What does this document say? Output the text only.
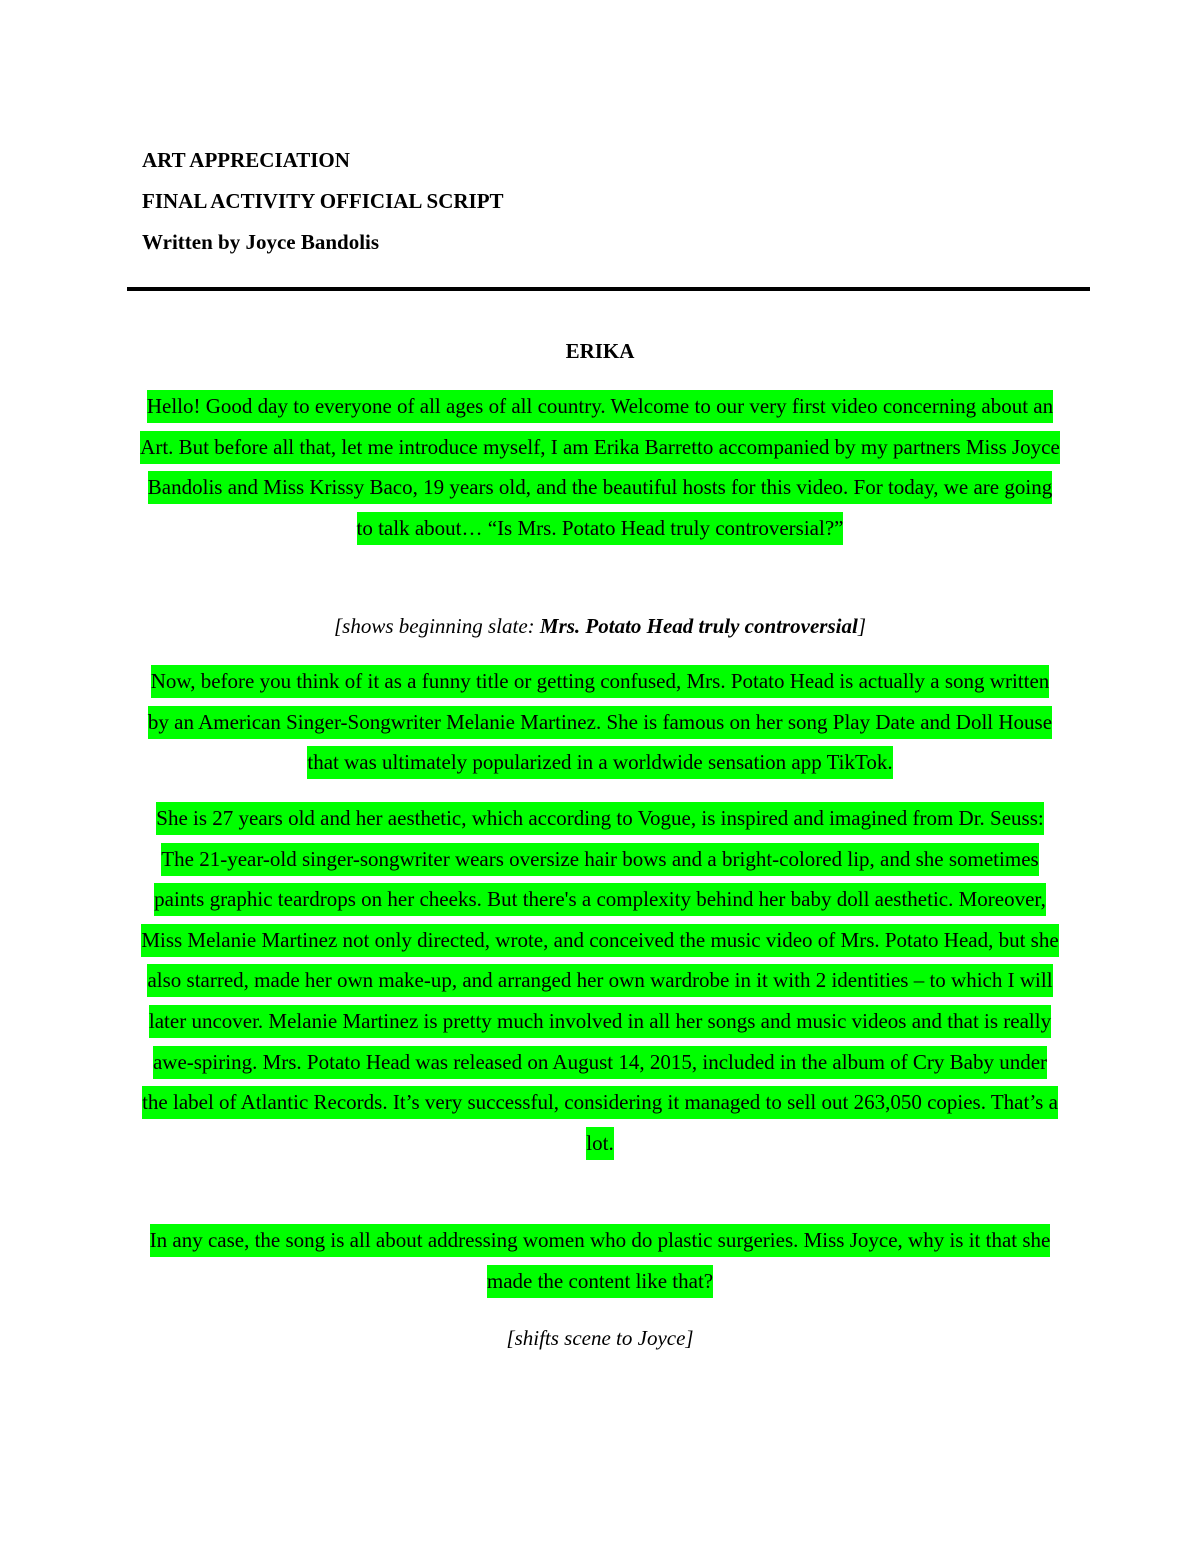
ART APPRECIATION
FINAL ACTIVITY OFFICIAL SCRIPT
Written by Joyce Bandolis
ERIKA
Hello! Good day to everyone of all ages of all country. Welcome to our very first video concerning about an Art. But before all that, let me introduce myself, I am Erika Barretto accompanied by my partners Miss Joyce Bandolis and Miss Krissy Baco, 19 years old, and the beautiful hosts for this video. For today, we are going to talk about… “Is Mrs. Potato Head truly controversial?”
[shows beginning slate: Mrs. Potato Head truly controversial]
Now, before you think of it as a funny title or getting confused, Mrs. Potato Head is actually a song written by an American Singer-Songwriter Melanie Martinez. She is famous on her song Play Date and Doll House that was ultimately popularized in a worldwide sensation app TikTok.
She is 27 years old and her aesthetic, which according to Vogue, is inspired and imagined from Dr. Seuss: The 21-year-old singer-songwriter wears oversize hair bows and a bright-colored lip, and she sometimes paints graphic teardrops on her cheeks. But there's a complexity behind her baby doll aesthetic. Moreover, Miss Melanie Martinez not only directed, wrote, and conceived the music video of Mrs. Potato Head, but she also starred, made her own make-up, and arranged her own wardrobe in it with 2 identities – to which I will later uncover. Melanie Martinez is pretty much involved in all her songs and music videos and that is really awe-spiring. Mrs. Potato Head was released on August 14, 2015, included in the album of Cry Baby under the label of Atlantic Records. It’s very successful, considering it managed to sell out 263,050 copies. That’s a lot.
In any case, the song is all about addressing women who do plastic surgeries. Miss Joyce, why is it that she made the content like that?
[shifts scene to Joyce]
